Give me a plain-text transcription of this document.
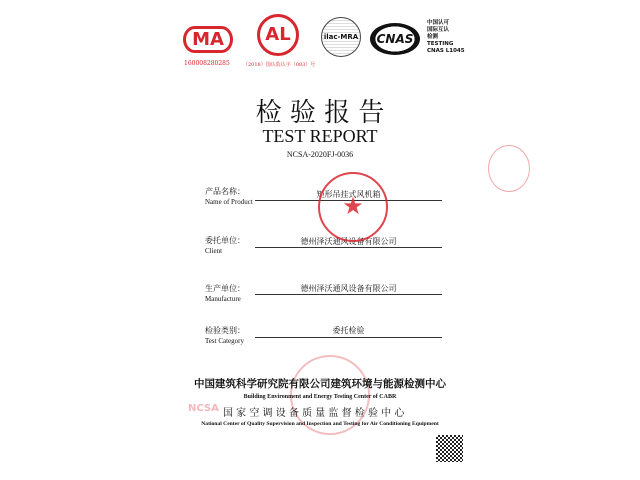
MA
160008280285
AL
（2018）国认监认字（083）号
ilac-MRA	CNAS
中国认可
国际互认
检测
TESTING
CNAS L1045
检 验 报 告
TEST REPORT
NCSA-2020FJ-0036
产品名称：
Name of Product
矩形吊挂式风机箱
委托单位：
Client
德州泽沃通风设备有限公司
生产单位：
Manufacture
德州泽沃通风设备有限公司
检验类别：
Test Category
委托检验
★
中国建筑科学研究院有限公司建筑环境与能源检测中心
Building Environment and Energy Testing Center of CABR
NCSA 国 家 空 调 设 备 质 量 监 督 检 验 中 心
National Center of Quality Supervision and Inspection and Testing for Air Conditioning Equipment
